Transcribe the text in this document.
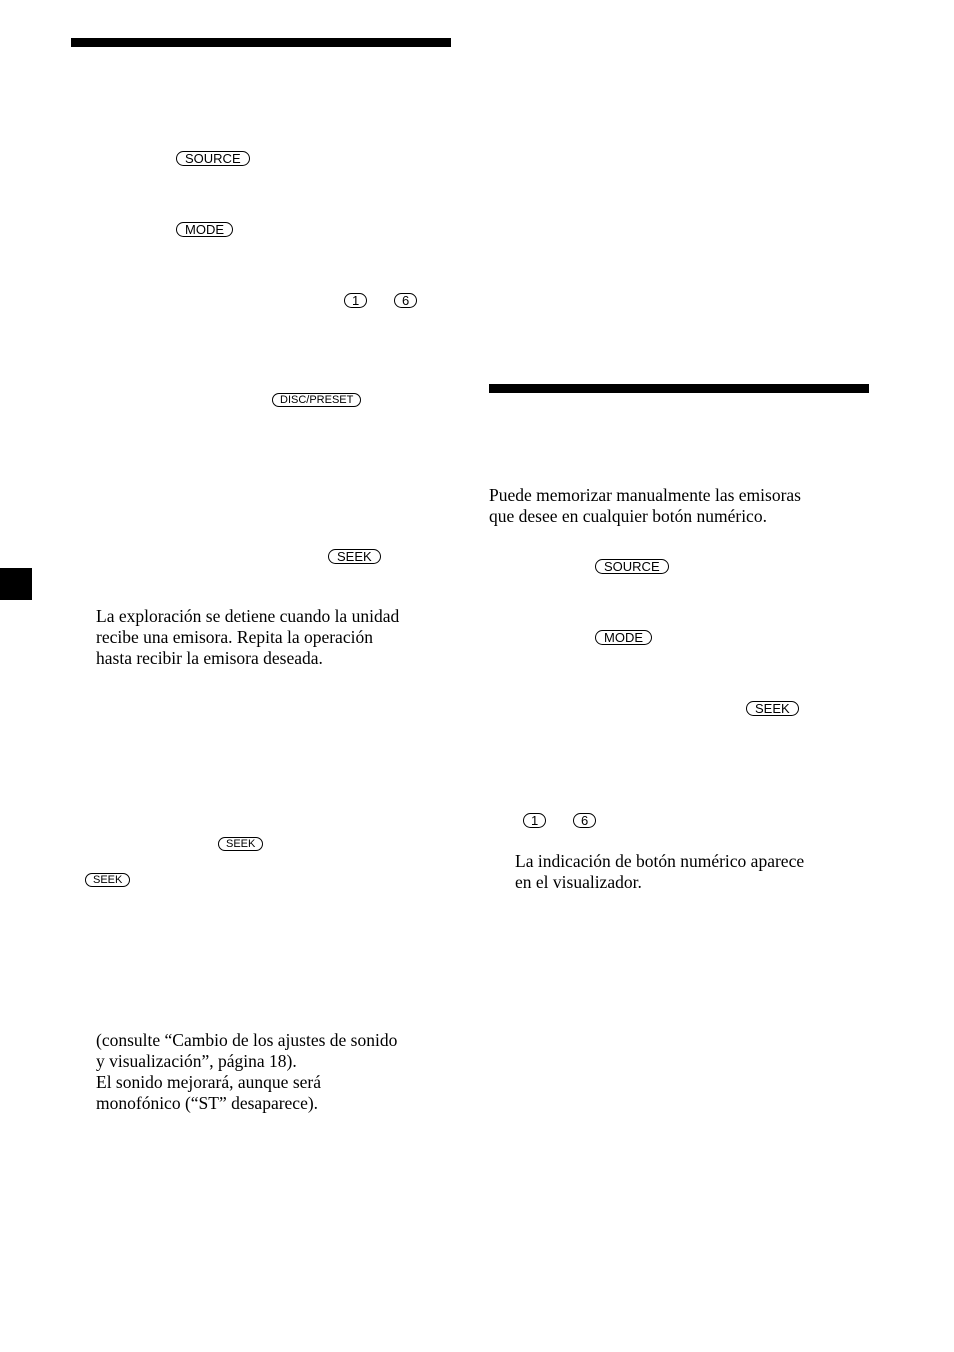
SOURCE
MODE
1	6
DISC/PRESET
SEEK
La exploración se detiene cuando la unidad
recibe una emisora. Repita la operación
hasta recibir la emisora deseada.
SEEK
SEEK
(consulte “Cambio de los ajustes de sonido
y visualización”, página 18).
El sonido mejorará, aunque será
monofónico (“ST” desaparece).
Puede memorizar manualmente las emisoras
que desee en cualquier botón numérico.
SOURCE
MODE
SEEK
1	6
La indicación de botón numérico aparece
en el visualizador.
